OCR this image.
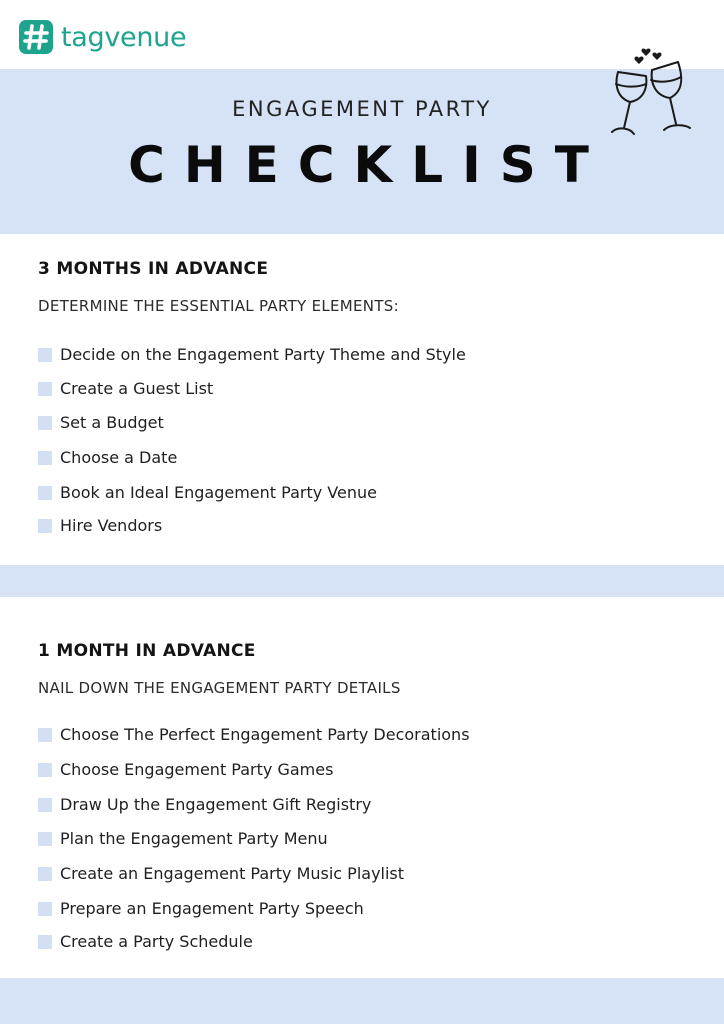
tagvenue
ENGAGEMENT PARTY
CHECKLIST
3 MONTHS IN ADVANCE
DETERMINE THE ESSENTIAL PARTY ELEMENTS:
Decide on the Engagement Party Theme and Style
Create a Guest List
Set a Budget
Choose a Date
Book an Ideal Engagement Party Venue
Hire Vendors
1 MONTH IN ADVANCE
NAIL DOWN THE ENGAGEMENT PARTY DETAILS
Choose The Perfect Engagement Party Decorations
Choose Engagement Party Games
Draw Up the Engagement Gift Registry
Plan the Engagement Party Menu
Create an Engagement Party Music Playlist
Prepare an Engagement Party Speech
Create a Party Schedule
